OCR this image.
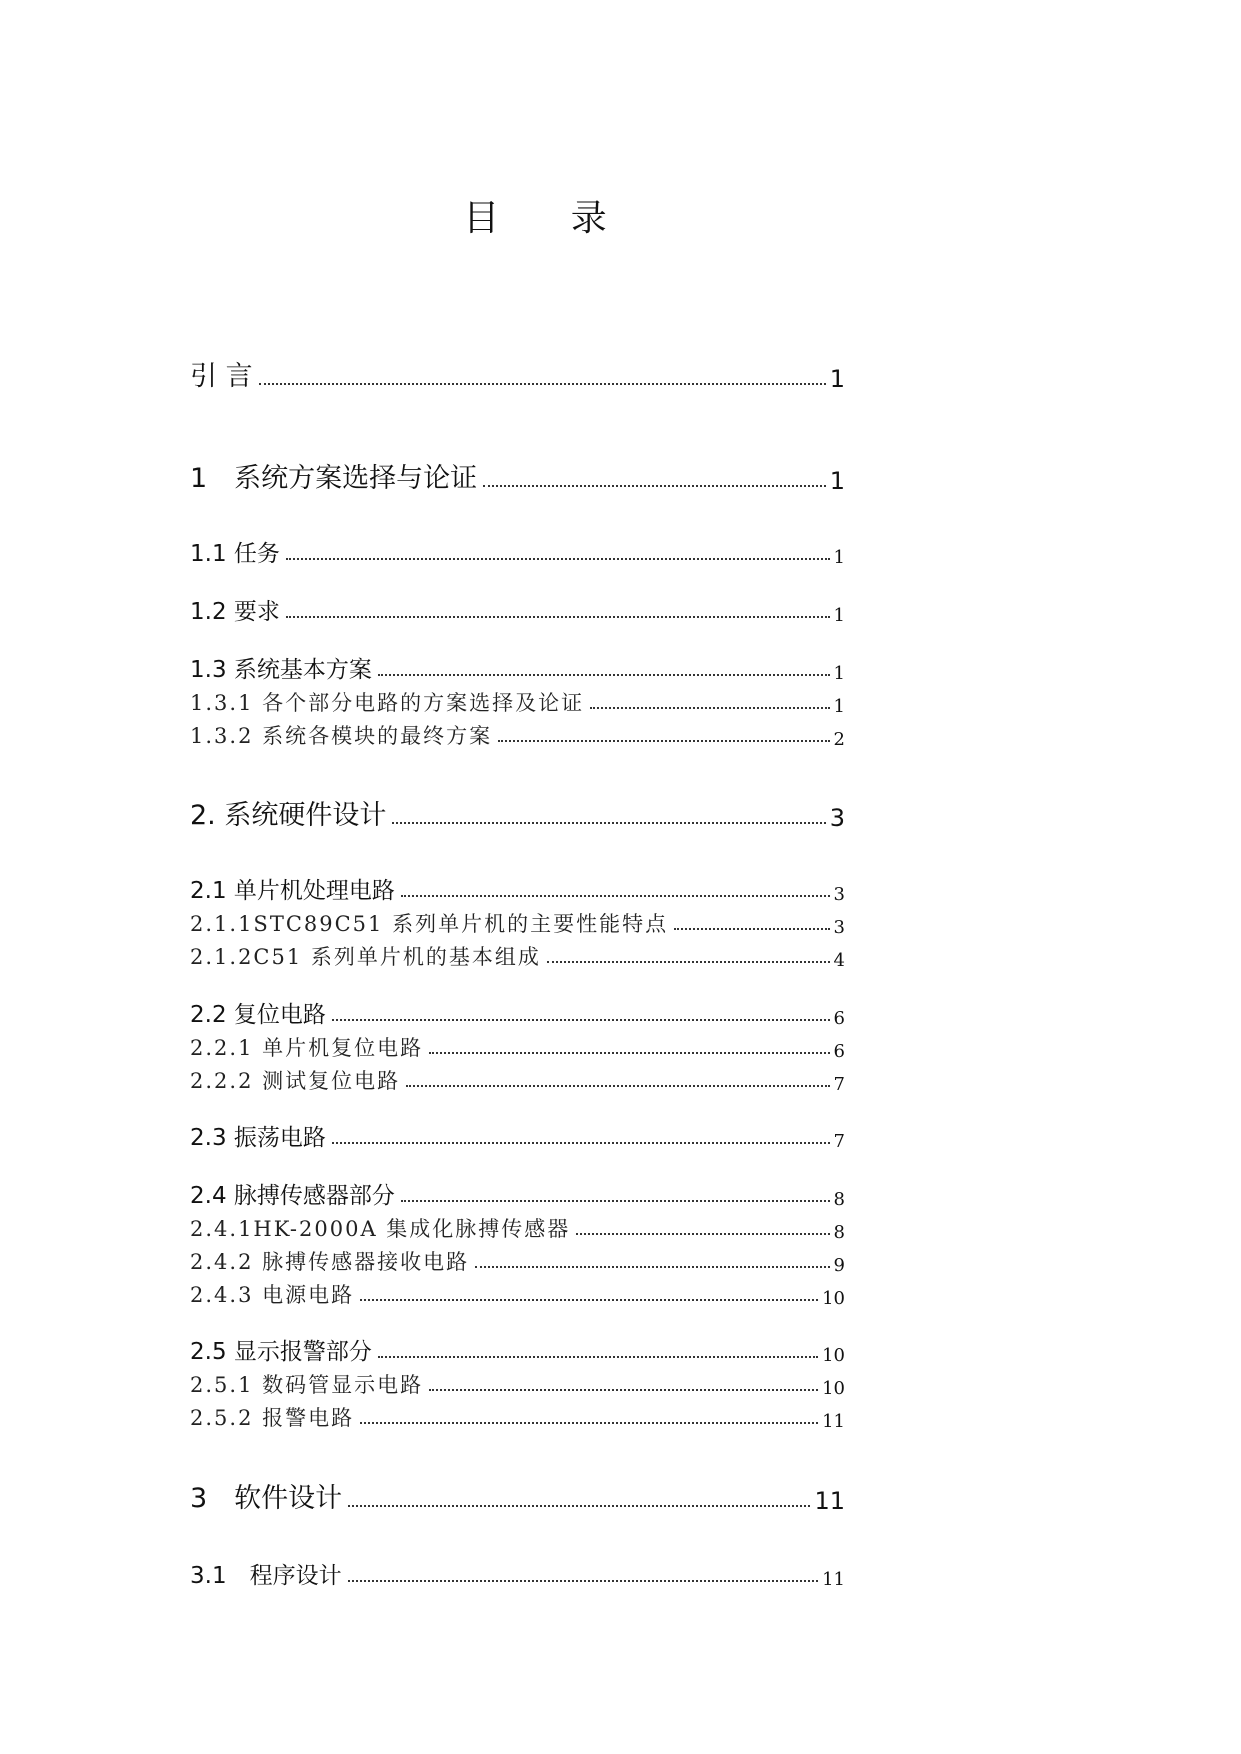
目 录
引 言	1
1　系统方案选择与论证	1
1.1 任务	1
1.2 要求	1
1.3 系统基本方案	1
1.3.1 各个部分电路的方案选择及论证	1
1.3.2 系统各模块的最终方案	2
2. 系统硬件设计	3
2.1 单片机处理电路	3
2.1.1STC89C51 系列单片机的主要性能特点	3
2.1.2C51 系列单片机的基本组成	4
2.2 复位电路	6
2.2.1 单片机复位电路	6
2.2.2 测试复位电路	7
2.3 振荡电路	7
2.4 脉搏传感器部分	8
2.4.1HK-2000A 集成化脉搏传感器	8
2.4.2 脉搏传感器接收电路	9
2.4.3 电源电路	10
2.5 显示报警部分	10
2.5.1 数码管显示电路	10
2.5.2 报警电路	11
3　软件设计	11
3.1　程序设计	11
